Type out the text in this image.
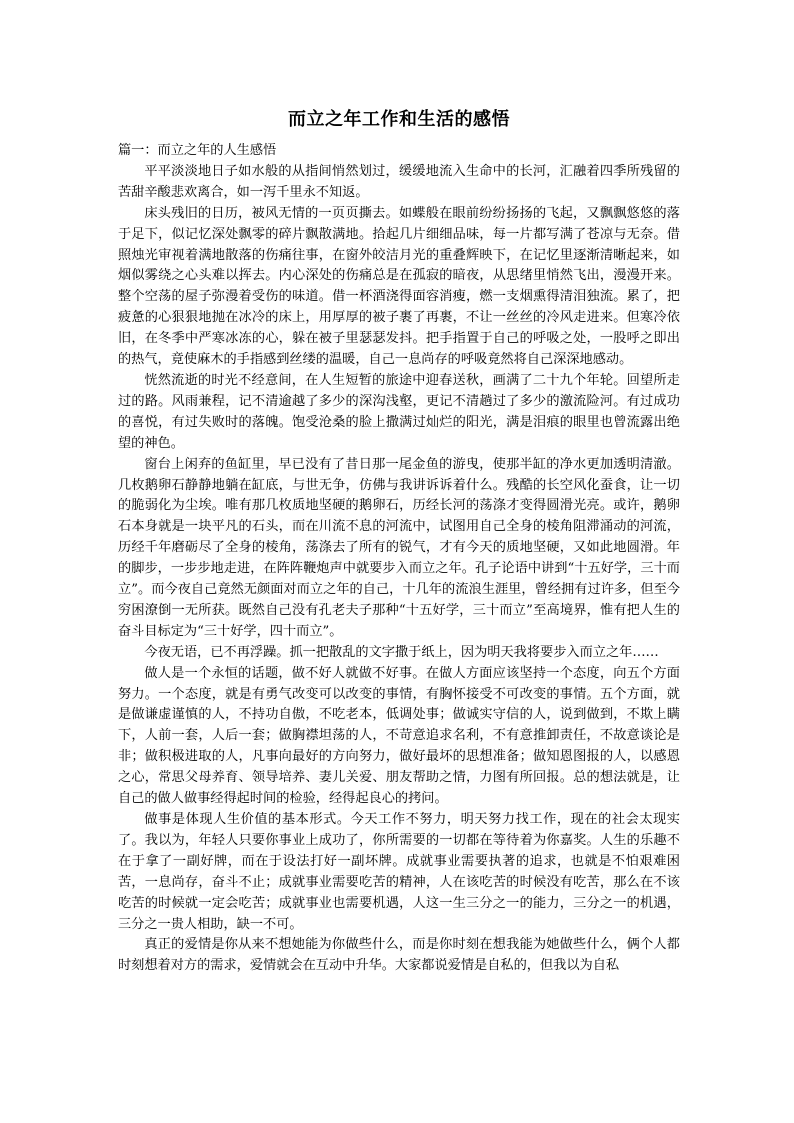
而立之年工作和生活的感悟

篇一：而立之年的人生感悟

平平淡淡地日子如水般的从指间悄然划过，缓缓地流入生命中的长河，汇融着四季所残留的苦甜辛酸悲欢离合，如一泻千里永不知返。

床头残旧的日历，被风无情的一页页撕去。如蝶般在眼前纷纷扬扬的飞起，又飘飘悠悠的落于足下，似记忆深处飘零的碎片飘散满地。拾起几片细细品味，每一片都写满了苍凉与无奈。借照烛光审视着满地散落的伤痛往事，在窗外皎洁月光的重叠辉映下，在记忆里逐渐清晰起来，如烟似雾绕之心头难以挥去。内心深处的伤痛总是在孤寂的暗夜，从思绪里悄然飞出，漫漫开来。整个空荡的屋子弥漫着受伤的味道。借一杯酒浇得面容消瘦，燃一支烟熏得清泪独流。累了，把疲惫的心狠狠地抛在冰冷的床上，用厚厚的被子裹了再裹，不让一丝丝的冷风走进来。但寒冷依旧，在冬季中严寒冰冻的心，躲在被子里瑟瑟发抖。把手指置于自己的呼吸之处，一股呼之即出的热气，竟使麻木的手指感到丝缕的温暖，自己一息尚存的呼吸竟然将自己深深地感动。

恍然流逝的时光不经意间，在人生短暂的旅途中迎春送秋，画满了二十九个年轮。回望所走过的路。风雨兼程，记不清逾越了多少的深沟浅壑，更记不清趟过了多少的激流险河。有过成功的喜悦，有过失败时的落魄。饱受沧桑的脸上撒满过灿烂的阳光，满是泪痕的眼里也曾流露出绝望的神色。

窗台上闲弃的鱼缸里，早已没有了昔日那一尾金鱼的游曳，使那半缸的净水更加透明清澈。几枚鹅卵石静静地躺在缸底，与世无争，仿佛与我讲诉诉着什么。残酷的长空风化蚕食，让一切的脆弱化为尘埃。唯有那几枚质地坚硬的鹅卵石，历经长河的荡涤才变得圆滑光亮。或许，鹅卵石本身就是一块平凡的石头，而在川流不息的河流中，试图用自己全身的棱角阻滞涌动的河流，历经千年磨砺尽了全身的棱角，荡涤去了所有的锐气，才有今天的质地坚硬，又如此地圆滑。年的脚步，一步步地走进，在阵阵鞭炮声中就要步入而立之年。孔子论语中讲到“十五好学，三十而立”。而今夜自己竟然无颜面对而立之年的自己，十几年的流浪生涯里，曾经拥有过许多，但至今穷困潦倒一无所获。既然自己没有孔老夫子那种“十五好学，三十而立”至高境界，惟有把人生的奋斗目标定为“三十好学，四十而立”。

今夜无语，已不再浮躁。抓一把散乱的文字撒于纸上，因为明天我将要步入而立之年……

做人是一个永恒的话题，做不好人就做不好事。在做人方面应该坚持一个态度，向五个方面努力。一个态度，就是有勇气改变可以改变的事情，有胸怀接受不可改变的事情。五个方面，就是做谦虚谨慎的人，不持功自傲，不吃老本，低调处事；做诚实守信的人，说到做到，不欺上瞒下，人前一套，人后一套；做胸襟坦荡的人，不苛意追求名利，不有意推卸责任，不故意谈论是非；做积极进取的人，凡事向最好的方向努力，做好最坏的思想准备；做知恩图报的人，以感恩之心，常思父母养育、领导培养、妻儿关爱、朋友帮助之情，力图有所回报。总的想法就是，让自己的做人做事经得起时间的检验，经得起良心的拷问。

做事是体现人生价值的基本形式。今天工作不努力，明天努力找工作，现在的社会太现实了。我以为，年轻人只要你事业上成功了，你所需要的一切都在等待着为你嘉奖。人生的乐趣不在于拿了一副好牌，而在于设法打好一副坏牌。成就事业需要执著的追求，也就是不怕艰难困苦，一息尚存，奋斗不止；成就事业需要吃苦的精神，人在该吃苦的时候没有吃苦，那么在不该吃苦的时候就一定会吃苦；成就事业也需要机遇，人这一生三分之一的能力，三分之一的机遇，三分之一贵人相助，缺一不可。

真正的爱情是你从来不想她能为你做些什么，而是你时刻在想我能为她做些什么，俩个人都时刻想着对方的需求，爱情就会在互动中升华。大家都说爱情是自私的，但我以为自私
